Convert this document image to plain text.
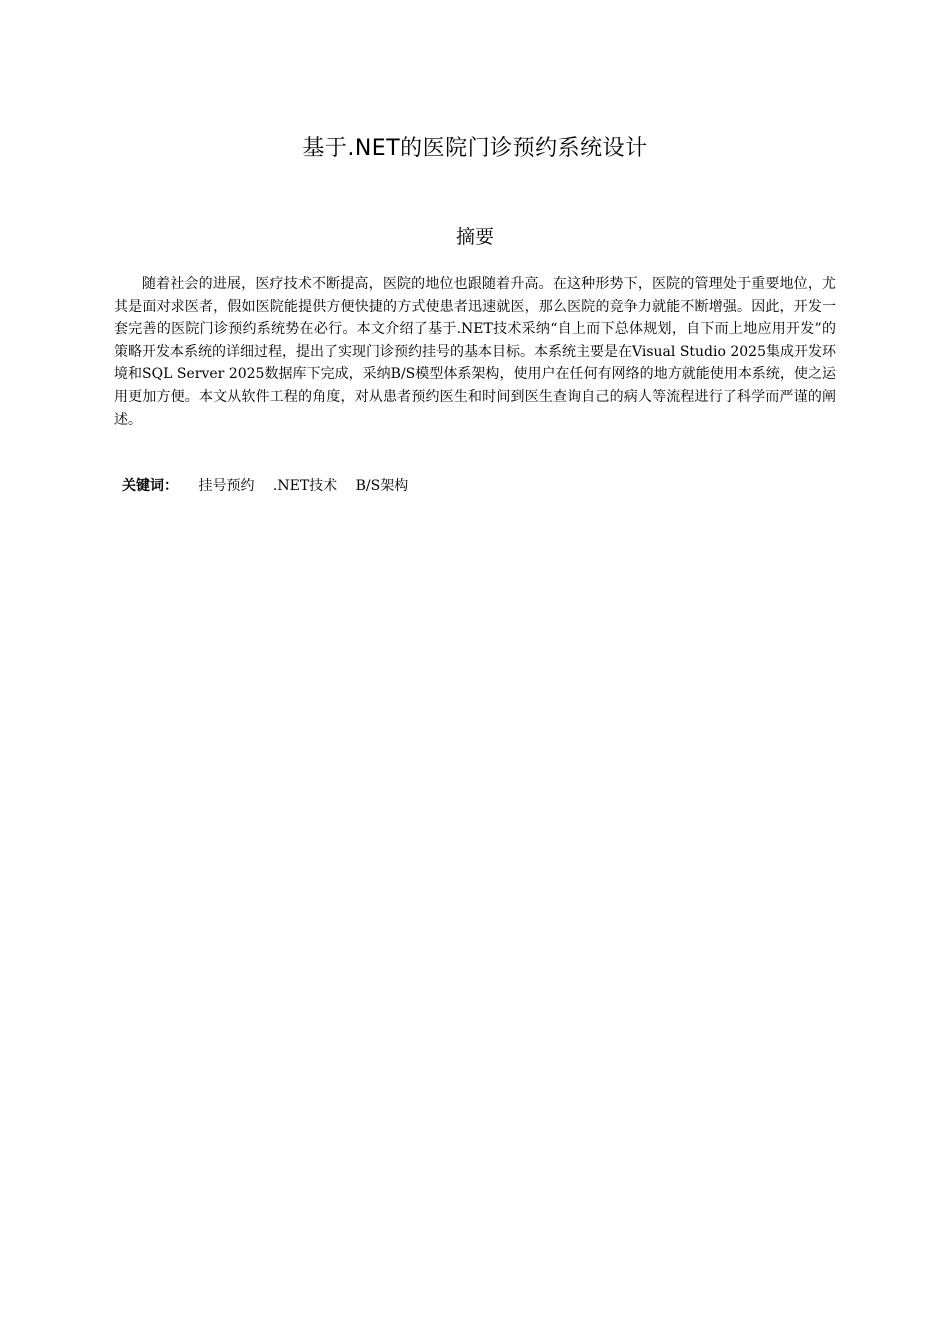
基于.NET的医院门诊预约系统设计
摘要

随着社会的进展，医疗技术不断提高，医院的地位也跟随着升高。在这种形势下，医院的管理处于重要地位，尤其是面对求医者，假如医院能提供方便快捷的方式使患者迅速就医，那么医院的竞争力就能不断增强。因此，开发一套完善的医院门诊预约系统势在必行。本文介绍了基于.NET技术采纳“自上而下总体规划，自下而上地应用开发”的策略开发本系统的详细过程，提出了实现门诊预约挂号的基本目标。本系统主要是在Visual Studio 2025集成开发环境和SQL Server 2025数据库下完成，采纳B/S模型体系架构，使用户在任何有网络的地方就能使用本系统，使之运用更加方便。本文从软件工程的角度，对从患者预约医生和时间到医生查询自己的病人等流程进行了科学而严谨的阐述。

关键词： 挂号预约 .NET技术 B/S架构
